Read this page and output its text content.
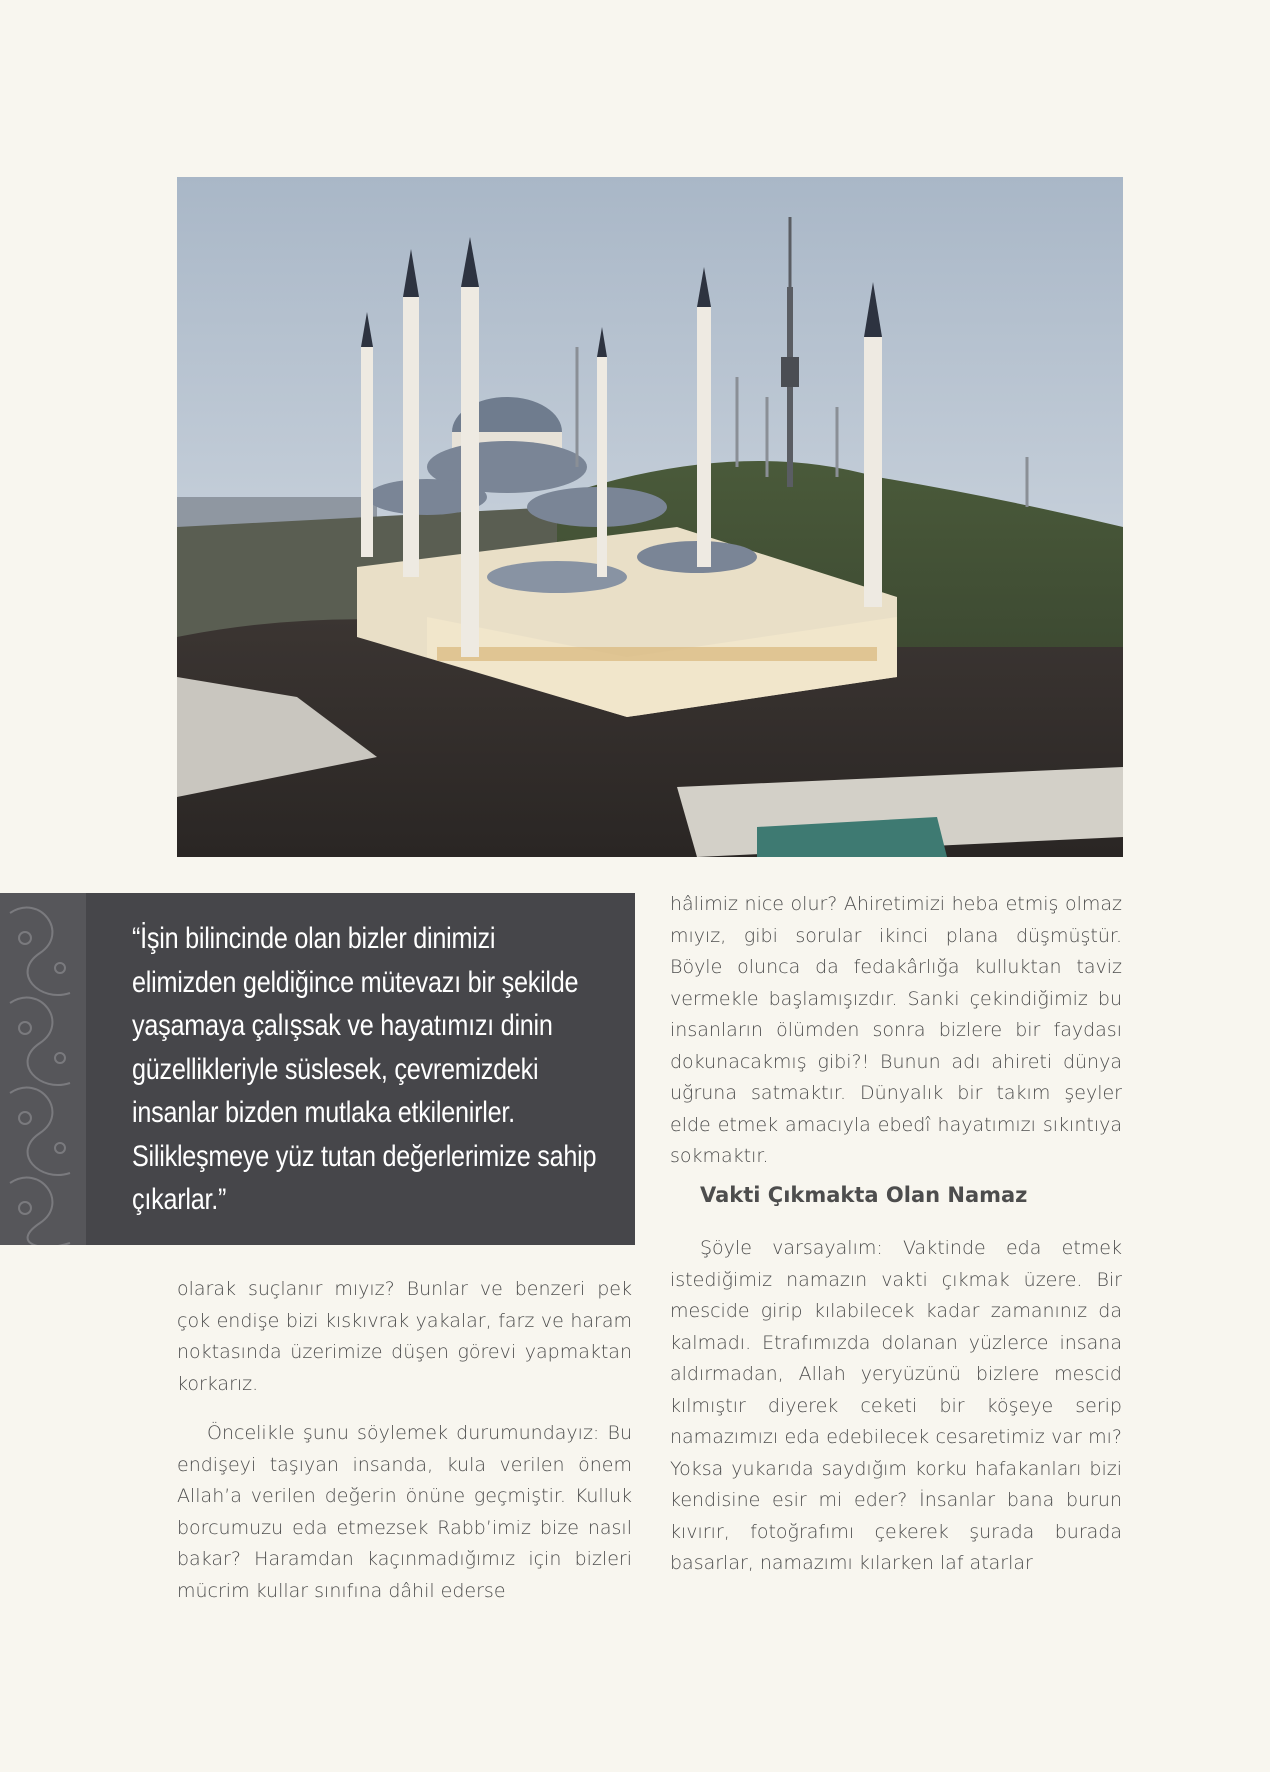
“İşin bilincinde olan bizler dinimizi elimizden geldiğince mütevazı bir şekilde yaşamaya çalışsak ve hayatımızı dinin güzellikleriyle süslesek, çevremizdeki insanlar bizden mutlaka etkilenirler. Silikleşmeye yüz tutan değerlerimize sahip çıkarlar.”

olarak suçlanır mıyız? Bunlar ve benzeri pek çok endişe bizi kıskıvrak yakalar, farz ve haram noktasında üzerimize düşen görevi yapmaktan korkarız.

Öncelikle şunu söylemek durumundayız: Bu endişeyi taşıyan insanda, kula verilen önem Allah’a verilen değerin önüne geçmiştir. Kulluk borcumuzu eda etmezsek Rabb’imiz bize nasıl bakar? Haramdan kaçınmadığımız için bizleri mücrim kullar sınıfına dâhil ederse

hâlimiz nice olur? Ahiretimizi heba etmiş olmaz mıyız, gibi sorular ikinci plana düşmüştür. Böyle olunca da fedakârlığa kulluktan taviz vermekle başlamışızdır. Sanki çekindiğimiz bu insanların ölümden sonra bizlere bir faydası dokunacakmış gibi?! Bunun adı ahireti dünya uğruna satmaktır. Dünyalık bir takım şeyler elde etmek amacıyla ebedî hayatımızı sıkıntıya sokmaktır.

Vakti Çıkmakta Olan Namaz

Şöyle varsayalım: Vaktinde eda etmek istediğimiz namazın vakti çıkmak üzere. Bir mescide girip kılabilecek kadar zamanınız da kalmadı. Etrafımızda dolanan yüzlerce insana aldırmadan, Allah yeryüzünü bizlere mescid kılmıştır diyerek ceketi bir köşeye serip namazımızı eda edebilecek cesaretimiz var mı? Yoksa yukarıda saydığım korku hafakanları bizi kendisine esir mi eder? İnsanlar bana burun kıvırır, fotoğrafımı çekerek şurada burada basarlar, namazımı kılarken laf atarlar
